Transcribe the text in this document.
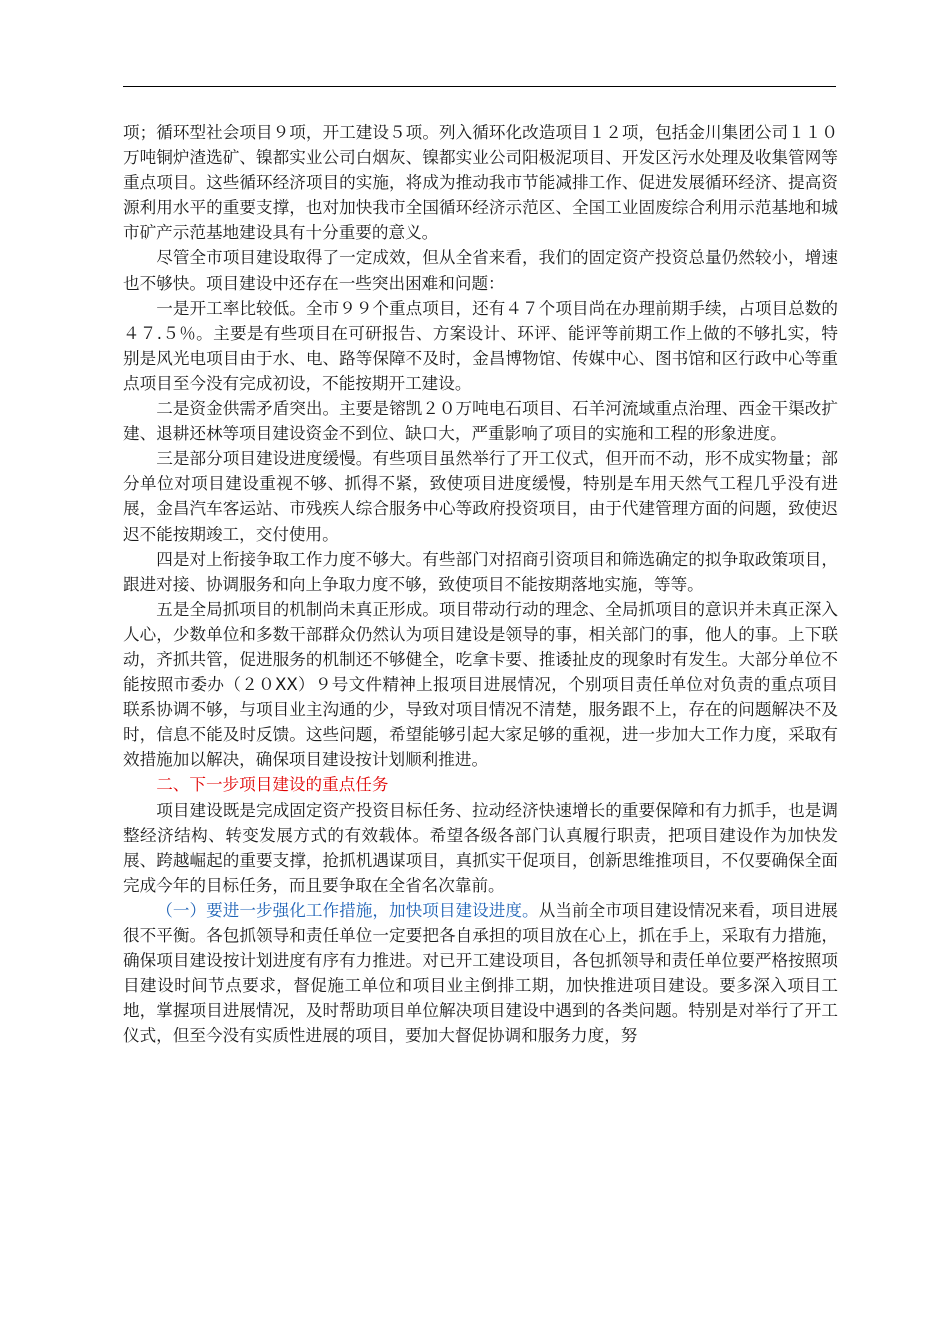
项；循环型社会项目９项，开工建设５项。列入循环化改造项目１２项，包括金川集团公司１１０万吨铜炉渣选矿、镍都实业公司白烟灰、镍都实业公司阳极泥项目、开发区污水处理及收集管网等重点项目。这些循环经济项目的实施，将成为推动我市节能减排工作、促进发展循环经济、提高资源利用水平的重要支撑，也对加快我市全国循环经济示范区、全国工业固废综合利用示范基地和城市矿产示范基地建设具有十分重要的意义。

尽管全市项目建设取得了一定成效，但从全省来看，我们的固定资产投资总量仍然较小，增速也不够快。项目建设中还存在一些突出困难和问题：

一是开工率比较低。全市９９个重点项目，还有４７个项目尚在办理前期手续，占项目总数的４７.５％。主要是有些项目在可研报告、方案设计、环评、能评等前期工作上做的不够扎实，特别是风光电项目由于水、电、路等保障不及时，金昌博物馆、传媒中心、图书馆和区行政中心等重点项目至今没有完成初设，不能按期开工建设。

二是资金供需矛盾突出。主要是镕凯２０万吨电石项目、石羊河流域重点治理、西金干渠改扩建、退耕还林等项目建设资金不到位、缺口大，严重影响了项目的实施和工程的形象进度。

三是部分项目建设进度缓慢。有些项目虽然举行了开工仪式，但开而不动，形不成实物量；部分单位对项目建设重视不够、抓得不紧，致使项目进度缓慢，特别是车用天然气工程几乎没有进展，金昌汽车客运站、市残疾人综合服务中心等政府投资项目，由于代建管理方面的问题，致使迟迟不能按期竣工，交付使用。

四是对上衔接争取工作力度不够大。有些部门对招商引资项目和筛选确定的拟争取政策项目，跟进对接、协调服务和向上争取力度不够，致使项目不能按期落地实施，等等。

五是全局抓项目的机制尚未真正形成。项目带动行动的理念、全局抓项目的意识并未真正深入人心，少数单位和多数干部群众仍然认为项目建设是领导的事，相关部门的事，他人的事。上下联动，齐抓共管，促进服务的机制还不够健全，吃拿卡要、推诿扯皮的现象时有发生。大部分单位不能按照市委办（２０XX）９号文件精神上报项目进展情况，个别项目责任单位对负责的重点项目联系协调不够，与项目业主沟通的少，导致对项目情况不清楚，服务跟不上，存在的问题解决不及时，信息不能及时反馈。这些问题，希望能够引起大家足够的重视，进一步加大工作力度，采取有效措施加以解决，确保项目建设按计划顺利推进。

二、下一步项目建设的重点任务

项目建设既是完成固定资产投资目标任务、拉动经济快速增长的重要保障和有力抓手，也是调整经济结构、转变发展方式的有效载体。希望各级各部门认真履行职责，把项目建设作为加快发展、跨越崛起的重要支撑，抢抓机遇谋项目，真抓实干促项目，创新思维推项目，不仅要确保全面完成今年的目标任务，而且要争取在全省名次靠前。

（一）要进一步强化工作措施，加快项目建设进度。从当前全市项目建设情况来看，项目进展很不平衡。各包抓领导和责任单位一定要把各自承担的项目放在心上，抓在手上，采取有力措施，确保项目建设按计划进度有序有力推进。对已开工建设项目，各包抓领导和责任单位要严格按照项目建设时间节点要求，督促施工单位和项目业主倒排工期，加快推进项目建设。要多深入项目工地，掌握项目进展情况，及时帮助项目单位解决项目建设中遇到的各类问题。特别是对举行了开工仪式，但至今没有实质性进展的项目，要加大督促协调和服务力度，努
